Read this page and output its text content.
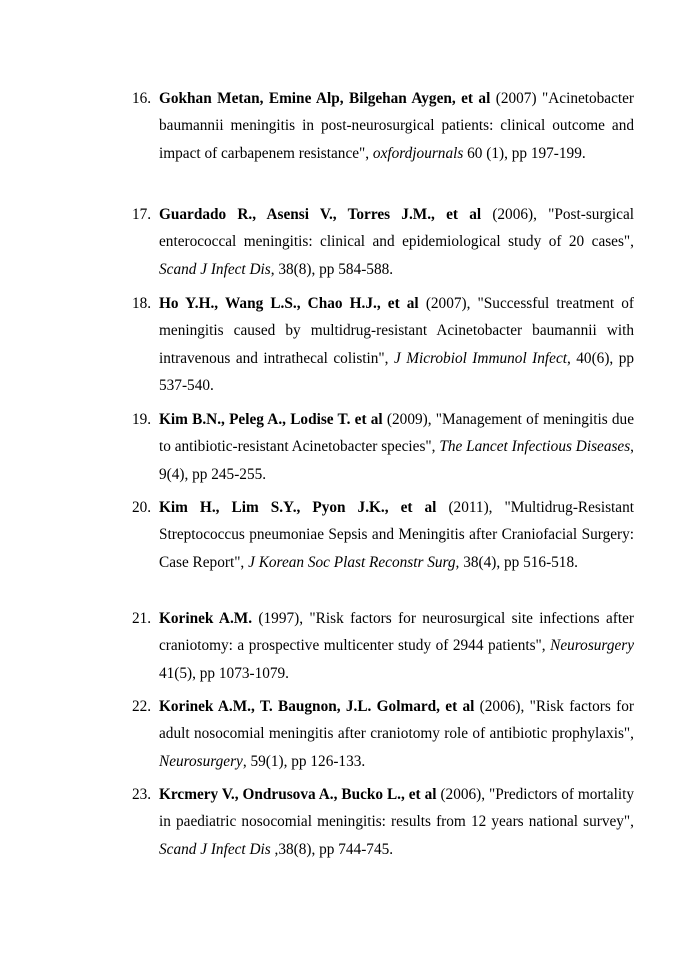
16. Gokhan Metan, Emine Alp, Bilgehan Aygen, et al (2007) "Acinetobacter baumannii meningitis in post-neurosurgical patients: clinical outcome and impact of carbapenem resistance", oxfordjournals 60 (1), pp 197-199.
17. Guardado R., Asensi V., Torres J.M., et al (2006), "Post-surgical enterococcal meningitis: clinical and epidemiological study of 20 cases", Scand J Infect Dis, 38(8), pp 584-588.
18. Ho Y.H., Wang L.S., Chao H.J., et al (2007), "Successful treatment of meningitis caused by multidrug-resistant Acinetobacter baumannii with intravenous and intrathecal colistin", J Microbiol Immunol Infect, 40(6), pp 537-540.
19. Kim B.N., Peleg A., Lodise T. et al (2009), "Management of meningitis due to antibiotic-resistant Acinetobacter species", The Lancet Infectious Diseases, 9(4), pp 245-255.
20. Kim H., Lim S.Y., Pyon J.K., et al (2011), "Multidrug-Resistant Streptococcus pneumoniae Sepsis and Meningitis after Craniofacial Surgery: Case Report", J Korean Soc Plast Reconstr Surg, 38(4), pp 516-518.
21. Korinek A.M. (1997), "Risk factors for neurosurgical site infections after craniotomy: a prospective multicenter study of 2944 patients", Neurosurgery 41(5), pp 1073-1079.
22. Korinek A.M., T. Baugnon, J.L. Golmard, et al (2006), "Risk factors for adult nosocomial meningitis after craniotomy role of antibiotic prophylaxis", Neurosurgery, 59(1), pp 126-133.
23. Krcmery V., Ondrusova A., Bucko L., et al (2006), "Predictors of mortality in paediatric nosocomial meningitis: results from 12 years national survey", Scand J Infect Dis ,38(8), pp 744-745.
